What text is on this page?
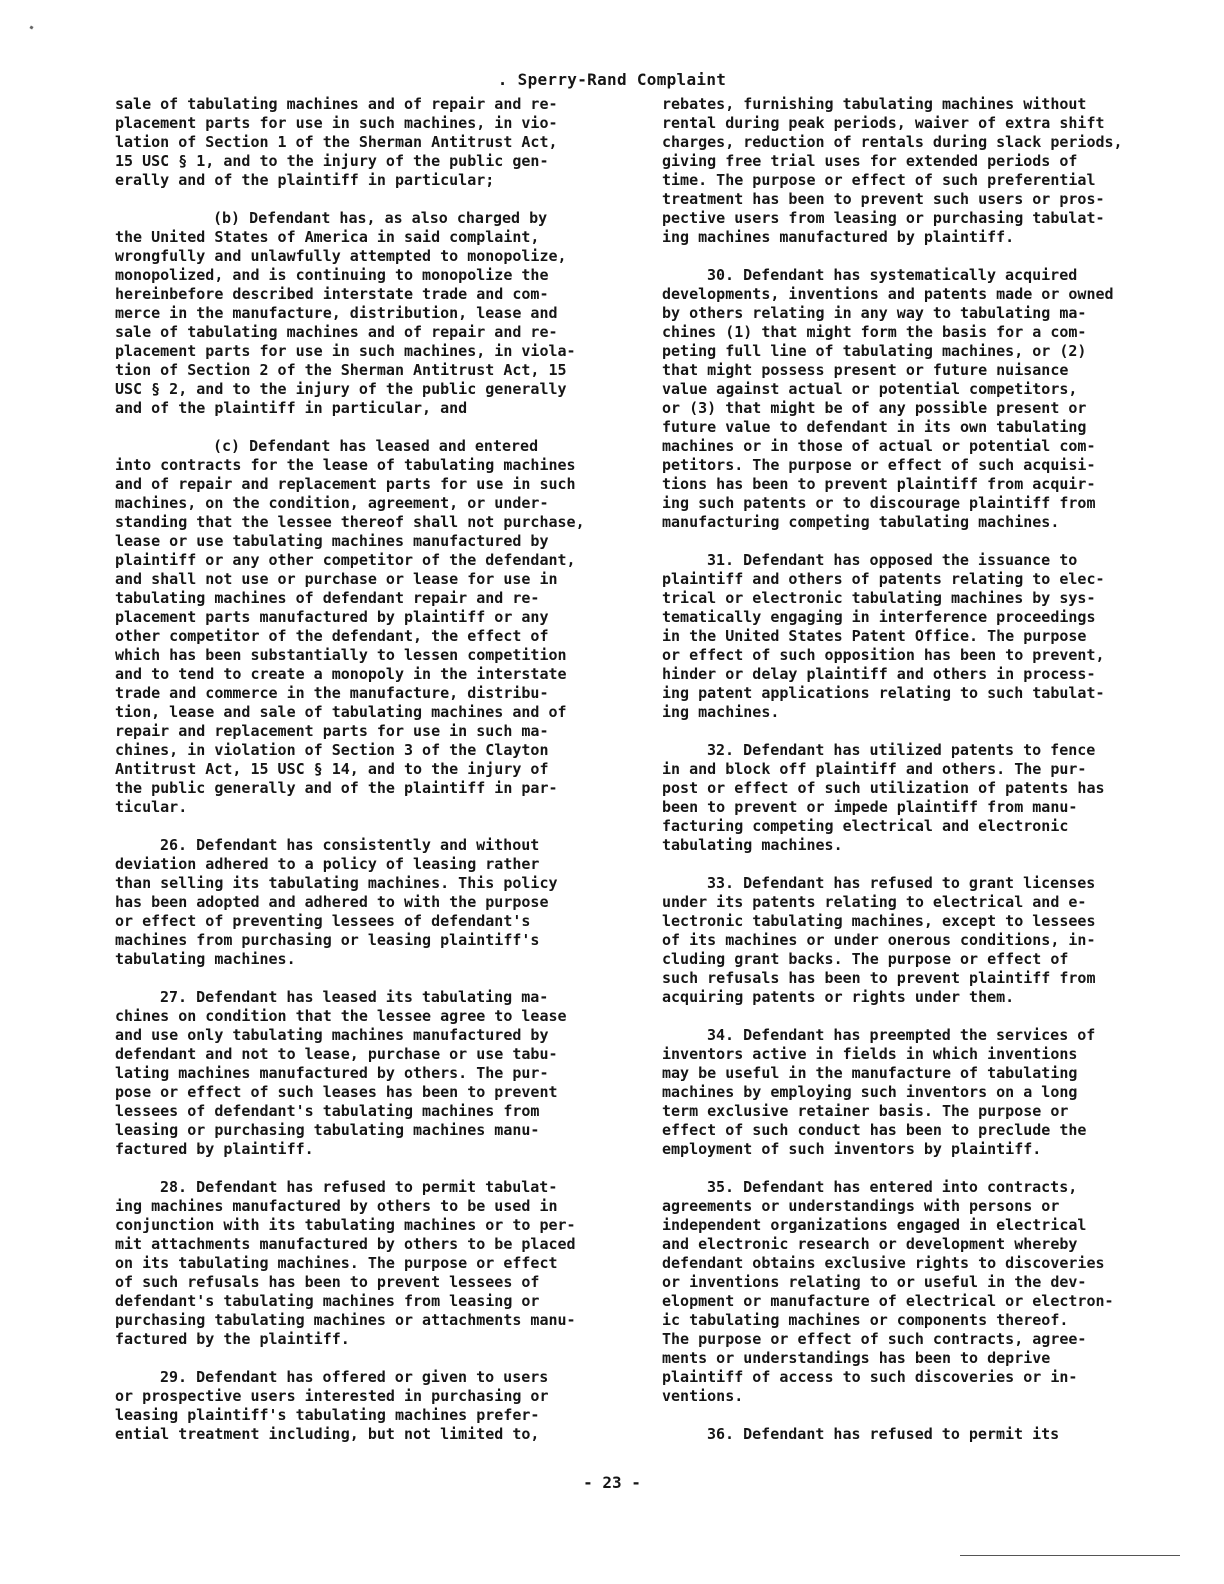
. Sperry-Rand Complaint
sale of tabulating machines and of repair and re-
placement parts for use in such machines, in vio-
lation of Section 1 of the Sherman Antitrust Act,
15 USC § 1, and to the injury of the public gen-
erally and of the plaintiff in particular;
(b) Defendant has, as also charged by
the United States of America in said complaint,
wrongfully and unlawfully attempted to monopolize,
monopolized, and is continuing to monopolize the
hereinbefore described interstate trade and com-
merce in the manufacture, distribution, lease and
sale of tabulating machines and of repair and re-
placement parts for use in such machines, in viola-
tion of Section 2 of the Sherman Antitrust Act, 15
USC § 2, and to the injury of the public generally
and of the plaintiff in particular, and
(c) Defendant has leased and entered
into contracts for the lease of tabulating machines
and of repair and replacement parts for use in such
machines, on the condition, agreement, or under-
standing that the lessee thereof shall not purchase,
lease or use tabulating machines manufactured by
plaintiff or any other competitor of the defendant,
and shall not use or purchase or lease for use in
tabulating machines of defendant repair and re-
placement parts manufactured by plaintiff or any
other competitor of the defendant, the effect of
which has been substantially to lessen competition
and to tend to create a monopoly in the interstate
trade and commerce in the manufacture, distribu-
tion, lease and sale of tabulating machines and of
repair and replacement parts for use in such ma-
chines, in violation of Section 3 of the Clayton
Antitrust Act, 15 USC § 14, and to the injury of
the public generally and of the plaintiff in par-
ticular.
26. Defendant has consistently and without
deviation adhered to a policy of leasing rather
than selling its tabulating machines. This policy
has been adopted and adhered to with the purpose
or effect of preventing lessees of defendant's
machines from purchasing or leasing plaintiff's
tabulating machines.
27. Defendant has leased its tabulating ma-
chines on condition that the lessee agree to lease
and use only tabulating machines manufactured by
defendant and not to lease, purchase or use tabu-
lating machines manufactured by others. The pur-
pose or effect of such leases has been to prevent
lessees of defendant's tabulating machines from
leasing or purchasing tabulating machines manu-
factured by plaintiff.
28. Defendant has refused to permit tabulat-
ing machines manufactured by others to be used in
conjunction with its tabulating machines or to per-
mit attachments manufactured by others to be placed
on its tabulating machines. The purpose or effect
of such refusals has been to prevent lessees of
defendant's tabulating machines from leasing or
purchasing tabulating machines or attachments manu-
factured by the plaintiff.
29. Defendant has offered or given to users
or prospective users interested in purchasing or
leasing plaintiff's tabulating machines prefer-
ential treatment including, but not limited to,
rebates, furnishing tabulating machines without
rental during peak periods, waiver of extra shift
charges, reduction of rentals during slack periods,
giving free trial uses for extended periods of
time. The purpose or effect of such preferential
treatment has been to prevent such users or pros-
pective users from leasing or purchasing tabulat-
ing machines manufactured by plaintiff.
30. Defendant has systematically acquired
developments, inventions and patents made or owned
by others relating in any way to tabulating ma-
chines (1) that might form the basis for a com-
peting full line of tabulating machines, or (2)
that might possess present or future nuisance
value against actual or potential competitors,
or (3) that might be of any possible present or
future value to defendant in its own tabulating
machines or in those of actual or potential com-
petitors. The purpose or effect of such acquisi-
tions has been to prevent plaintiff from acquir-
ing such patents or to discourage plaintiff from
manufacturing competing tabulating machines.
31. Defendant has opposed the issuance to
plaintiff and others of patents relating to elec-
trical or electronic tabulating machines by sys-
tematically engaging in interference proceedings
in the United States Patent Office. The purpose
or effect of such opposition has been to prevent,
hinder or delay plaintiff and others in process-
ing patent applications relating to such tabulat-
ing machines.
32. Defendant has utilized patents to fence
in and block off plaintiff and others. The pur-
post or effect of such utilization of patents has
been to prevent or impede plaintiff from manu-
facturing competing electrical and electronic
tabulating machines.
33. Defendant has refused to grant licenses
under its patents relating to electrical and e-
lectronic tabulating machines, except to lessees
of its machines or under onerous conditions, in-
cluding grant backs. The purpose or effect of
such refusals has been to prevent plaintiff from
acquiring patents or rights under them.
34. Defendant has preempted the services of
inventors active in fields in which inventions
may be useful in the manufacture of tabulating
machines by employing such inventors on a long
term exclusive retainer basis. The purpose or
effect of such conduct has been to preclude the
employment of such inventors by plaintiff.
35. Defendant has entered into contracts,
agreements or understandings with persons or
independent organizations engaged in electrical
and electronic research or development whereby
defendant obtains exclusive rights to discoveries
or inventions relating to or useful in the dev-
elopment or manufacture of electrical or electron-
ic tabulating machines or components thereof.
The purpose or effect of such contracts, agree-
ments or understandings has been to deprive
plaintiff of access to such discoveries or in-
ventions.
36. Defendant has refused to permit its
- 23 -
